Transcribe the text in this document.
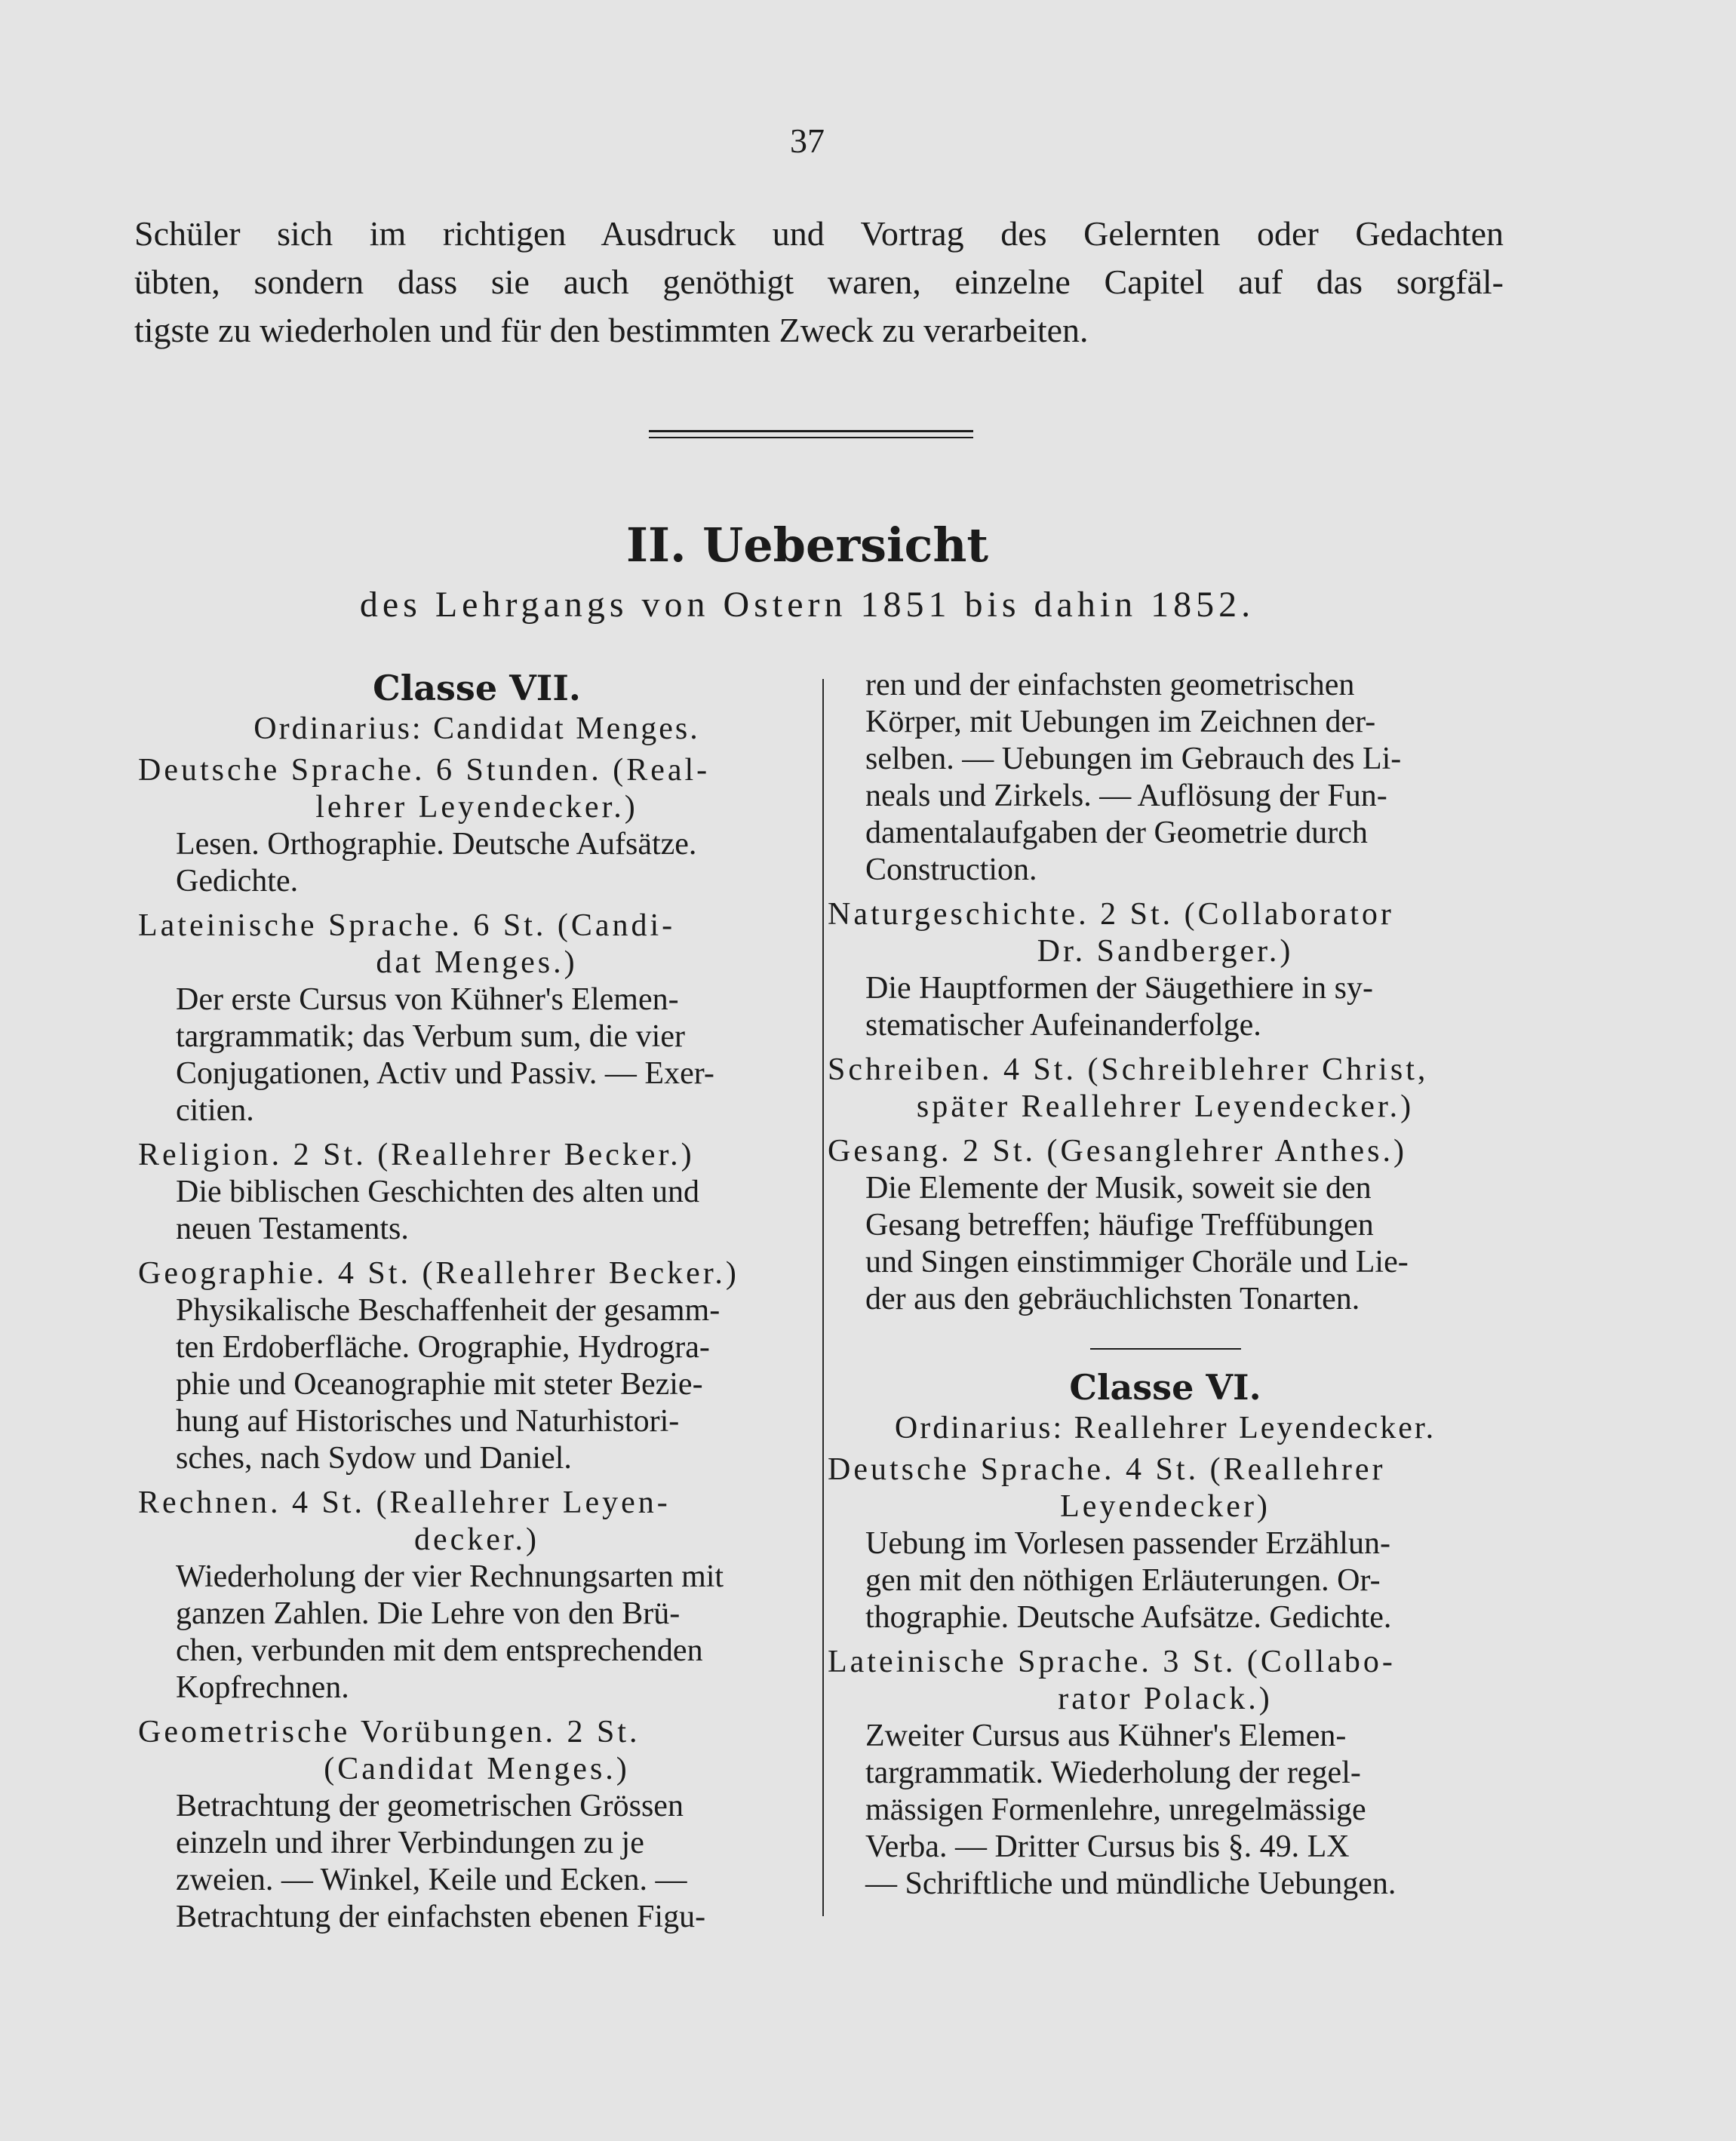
37
Schüler sich im richtigen Ausdruck und Vortrag des Gelernten oder Gedachten
übten, sondern dass sie auch genöthigt waren, einzelne Capitel auf das sorgfäl-
tigste zu wiederholen und für den bestimmten Zweck zu verarbeiten.
II. Uebersicht
des Lehrgangs von Ostern 1851 bis dahin 1852.
Classe VII.
Ordinarius: Candidat Menges.
Deutsche Sprache. 6 Stunden. (Real-
lehrer Leyendecker.)
Lesen. Orthographie. Deutsche Aufsätze.
Gedichte.
Lateinische Sprache. 6 St. (Candi-
dat Menges.)
Der erste Cursus von Kühner's Elemen-
targrammatik; das Verbum sum, die vier
Conjugationen, Activ und Passiv. — Exer-
citien.
Religion. 2 St. (Reallehrer Becker.)
Die biblischen Geschichten des alten und
neuen Testaments.
Geographie. 4 St. (Reallehrer Becker.)
Physikalische Beschaffenheit der gesamm-
ten Erdoberfläche. Orographie, Hydrogra-
phie und Oceanographie mit steter Bezie-
hung auf Historisches und Naturhistori-
sches, nach Sydow und Daniel.
Rechnen. 4 St. (Reallehrer Leyen-
decker.)
Wiederholung der vier Rechnungsarten mit
ganzen Zahlen. Die Lehre von den Brü-
chen, verbunden mit dem entsprechenden
Kopfrechnen.
Geometrische Vorübungen. 2 St.
(Candidat Menges.)
Betrachtung der geometrischen Grössen
einzeln und ihrer Verbindungen zu je
zweien. — Winkel, Keile und Ecken. —
Betrachtung der einfachsten ebenen Figu-
ren und der einfachsten geometrischen
Körper, mit Uebungen im Zeichnen der-
selben. — Uebungen im Gebrauch des Li-
neals und Zirkels. — Auflösung der Fun-
damentalaufgaben der Geometrie durch
Construction.
Naturgeschichte. 2 St. (Collaborator
Dr. Sandberger.)
Die Hauptformen der Säugethiere in sy-
stematischer Aufeinanderfolge.
Schreiben. 4 St. (Schreiblehrer Christ,
später Reallehrer Leyendecker.)
Gesang. 2 St. (Gesanglehrer Anthes.)
Die Elemente der Musik, soweit sie den
Gesang betreffen; häufige Treffübungen
und Singen einstimmiger Choräle und Lie-
der aus den gebräuchlichsten Tonarten.
Classe VI.
Ordinarius: Reallehrer Leyendecker.
Deutsche Sprache. 4 St. (Reallehrer
Leyendecker)
Uebung im Vorlesen passender Erzählun-
gen mit den nöthigen Erläuterungen. Or-
thographie. Deutsche Aufsätze. Gedichte.
Lateinische Sprache. 3 St. (Collabo-
rator Polack.)
Zweiter Cursus aus Kühner's Elemen-
targrammatik. Wiederholung der regel-
mässigen Formenlehre, unregelmässige
Verba. — Dritter Cursus bis §. 49. LX
— Schriftliche und mündliche Uebungen.
